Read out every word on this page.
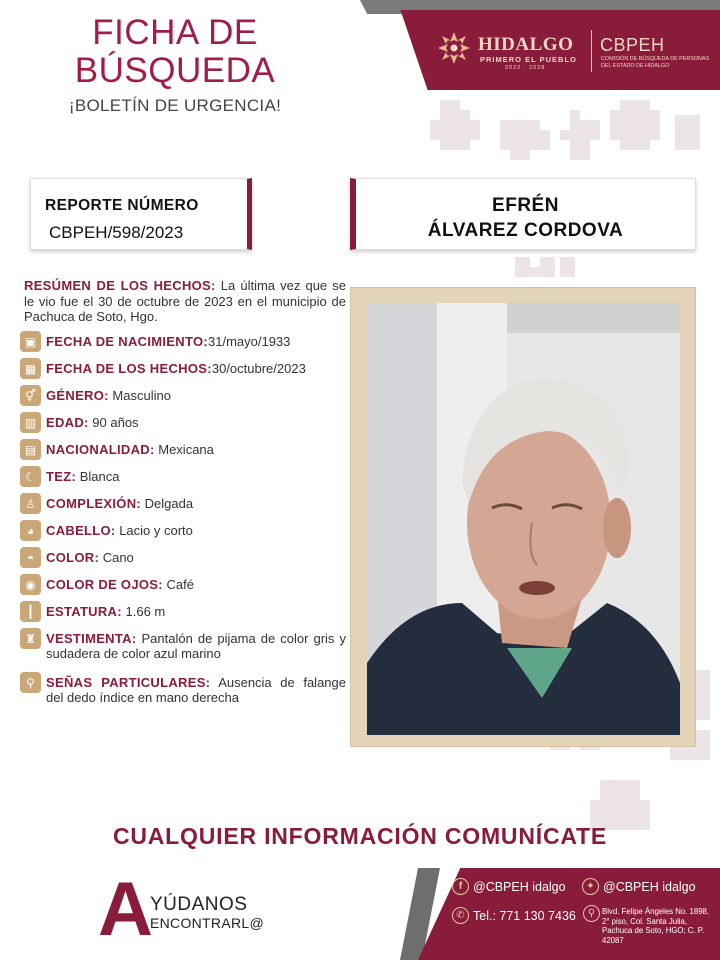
FICHA DE
BÚSQUEDA
¡BOLETÍN DE URGENCIA!
HIDALGO
PRIMERO EL PUEBLO
2022 · 2028
CBPEH
COMISIÓN DE BÚSQUEDA DE PERSONAS DEL ESTADO DE HIDALGO
REPORTE NÚMERO
CBPEH/598/2023
EFRÉN
ÁLVAREZ CORDOVA
RESÚMEN DE LOS HECHOS: La última vez que se le vio fue el 30 de octubre de 2023 en el municipio de Pachuca de Soto, Hgo.
▣ FECHA DE NACIMIENTO:31/mayo/1933
▦ FECHA DE LOS HECHOS:30/octubre/2023
⚥ GÉNERO: Masculino
▥ EDAD: 90 años
▤ NACIONALIDAD: Mexicana
☾ TEZ: Blanca
♙ COMPLEXIÓN: Delgada
◕ CABELLO: Lacio y corto
◓ COLOR: Cano
◉ COLOR DE OJOS: Café
┃ ESTATURA: 1.66 m
♜ VESTIMENTA: Pantalón de pijama de color gris y sudadera de color azul marino
⚲ SEÑAS PARTICULARES: Ausencia de falange del dedo índice en mano derecha
CUALQUIER INFORMACIÓN COMUNÍCATE
A
YÚDANOS
ENCONTRARL@
f @CBPEH idalgo	✦ @CBPEH idalgo
✆ Tel.: 771 130 7436	⚲ Blvd. Felipe Ángeles No. 1898, 2° piso, Col. Santa Julia, Pachuca de Soto, HGO; C. P. 42087
